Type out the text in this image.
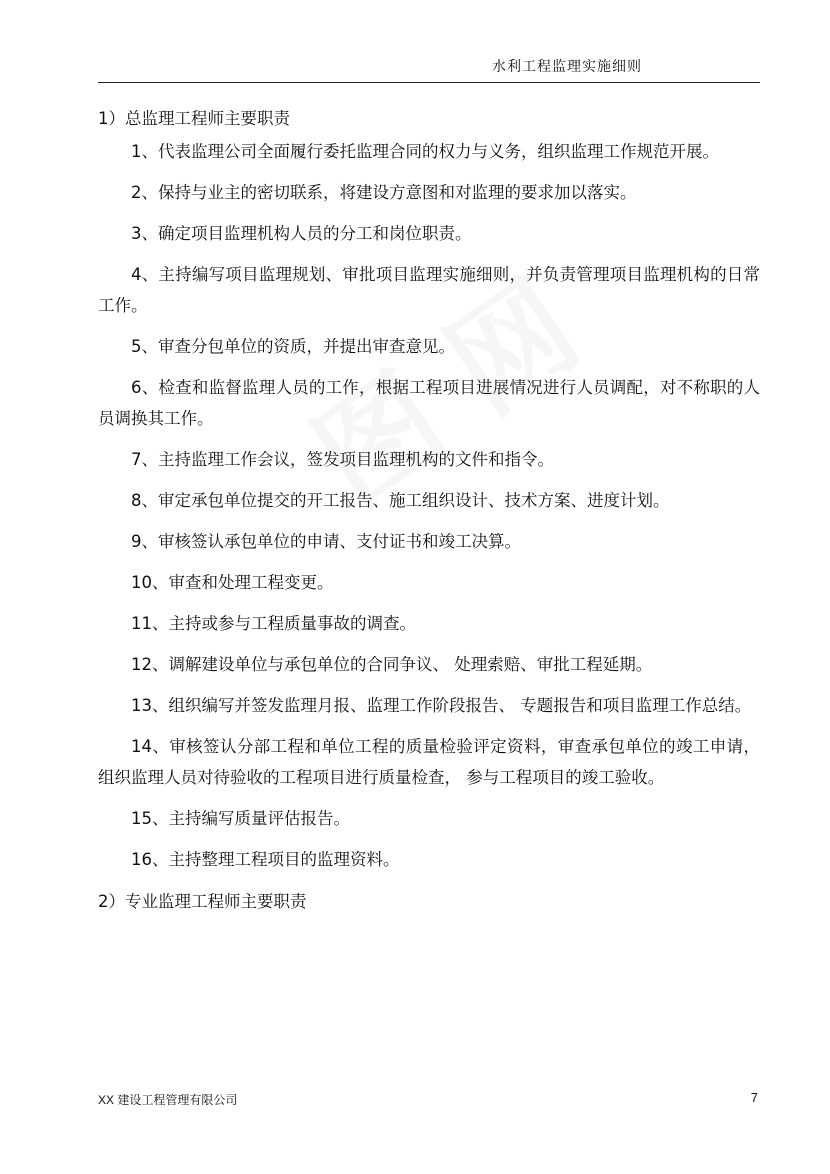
水利工程监理实施细则

1）总监理工程师主要职责

1、代表监理公司全面履行委托监理合同的权力与义务，组织监理工作规范开展。

2、保持与业主的密切联系，将建设方意图和对监理的要求加以落实。

3、确定项目监理机构人员的分工和岗位职责。

4、主持编写项目监理规划、审批项目监理实施细则，并负责管理项目监理机构的日常工作。

5、审查分包单位的资质，并提出审查意见。

6、检查和监督监理人员的工作，根据工程项目进展情况进行人员调配，对不称职的人员调换其工作。

7、主持监理工作会议，签发项目监理机构的文件和指令。

8、审定承包单位提交的开工报告、施工组织设计、技术方案、进度计划。

9、审核签认承包单位的申请、支付证书和竣工决算。

10、审查和处理工程变更。

11、主持或参与工程质量事故的调查。

12、调解建设单位与承包单位的合同争议、 处理索赔、审批工程延期。

13、组织编写并签发监理月报、监理工作阶段报告、 专题报告和项目监理工作总结。

14、审核签认分部工程和单位工程的质量检验评定资料，审查承包单位的竣工申请，组织监理人员对待验收的工程项目进行质量检查， 参与工程项目的竣工验收。

15、主持编写质量评估报告。

16、主持整理工程项目的监理资料。

2）专业监理工程师主要职责

XX 建设工程管理有限公司	7
